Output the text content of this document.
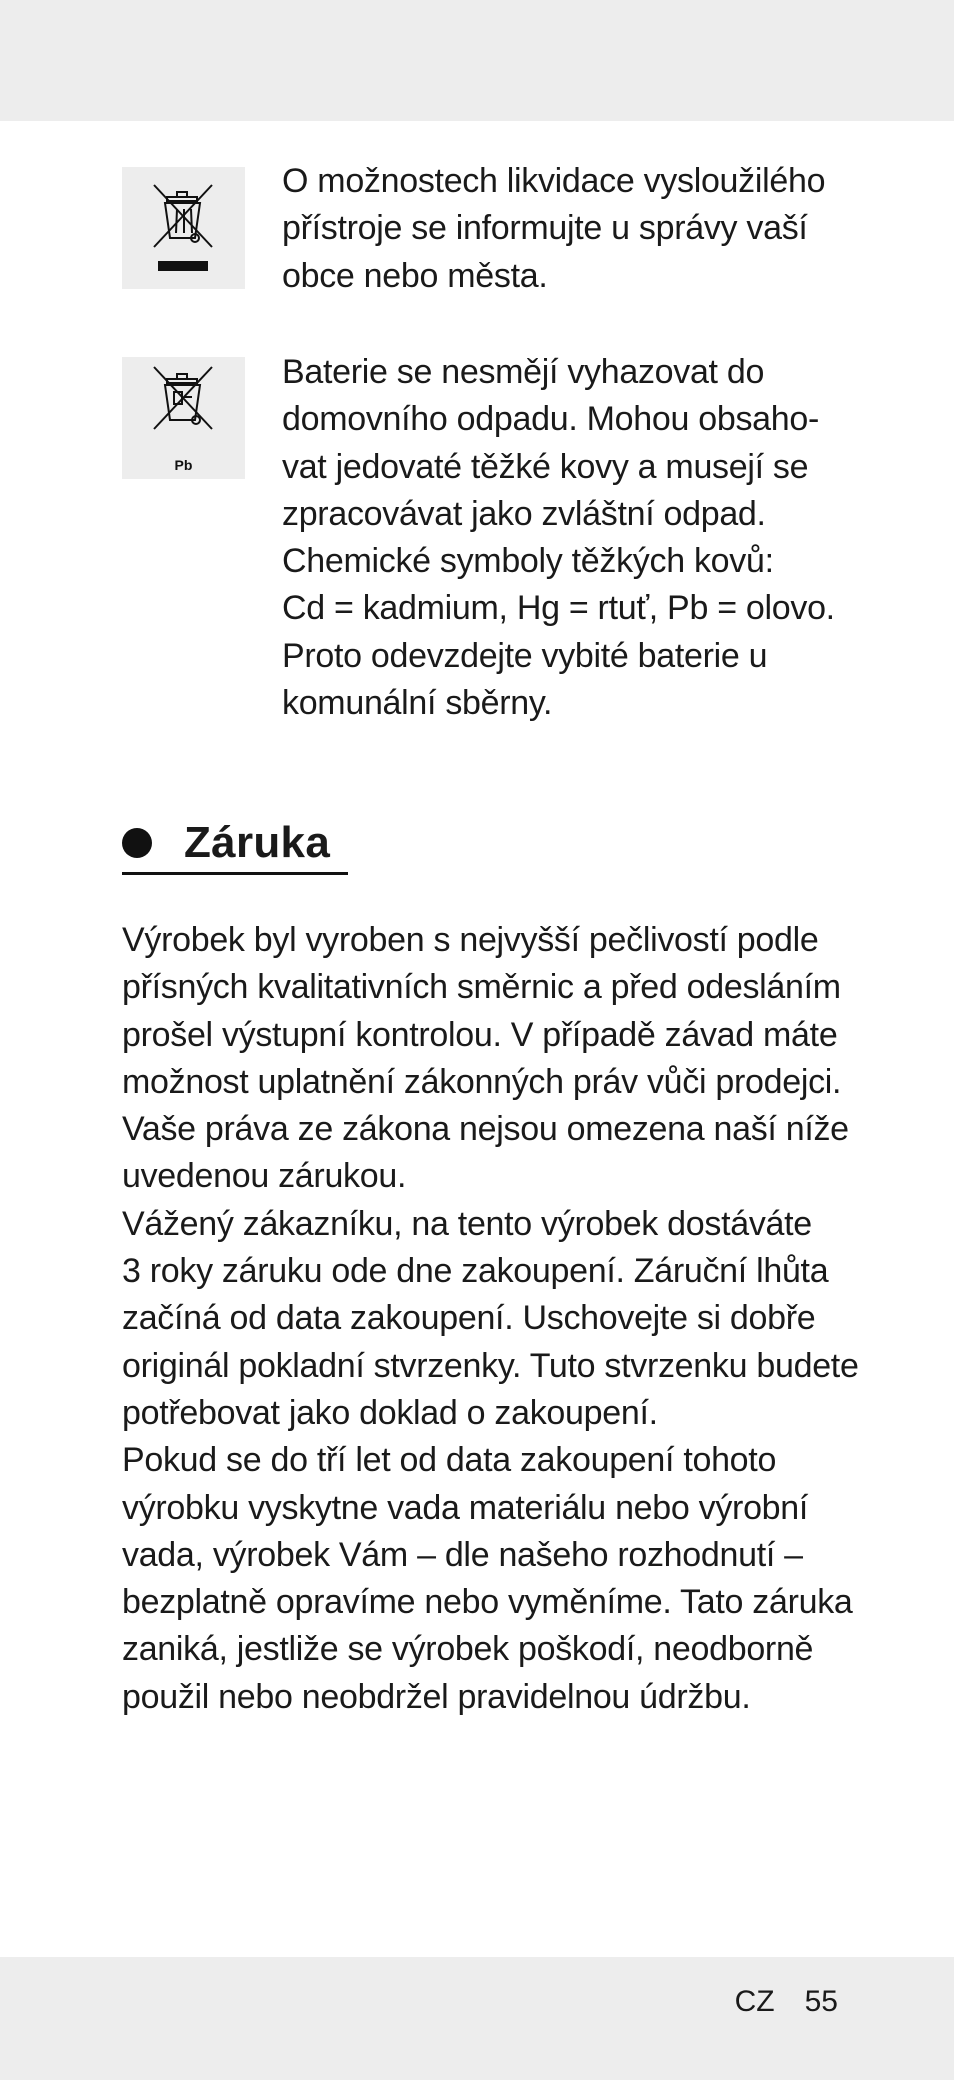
O možnostech likvidace vysloužilého
přístroje se informujte u správy vaší
obce nebo města.
Pb
Baterie se nesmějí vyhazovat do
domovního odpadu. Mohou obsaho-
vat jedovaté těžké kovy a musejí se
zpracovávat jako zvláštní odpad.
Chemické symboly těžkých kovů:
Cd = kadmium, Hg = rtuť, Pb = olovo.
Proto odevzdejte vybité baterie u
komunální sběrny.
Záruka

Výrobek byl vyroben s nejvyšší pečlivostí podle
přísných kvalitativních směrnic a před odesláním
prošel výstupní kontrolou. V případě závad máte
možnost uplatnění zákonných práv vůči prodejci.
Vaše práva ze zákona nejsou omezena naší níže
uvedenou zárukou.

Vážený zákazníku, na tento výrobek dostáváte
3 roky záruku ode dne zakoupení. Záruční lhůta
začíná od data zakoupení. Uschovejte si dobře
originál pokladní stvrzenky. Tuto stvrzenku budete
potřebovat jako doklad o zakoupení.

Pokud se do tří let od data zakoupení tohoto
výrobku vyskytne vada materiálu nebo výrobní
vada, výrobek Vám – dle našeho rozhodnutí –
bezplatně opravíme nebo vyměníme. Tato záruka
zaniká, jestliže se výrobek poškodí, neodborně
použil nebo neobdržel pravidelnou údržbu.

CZ 55
